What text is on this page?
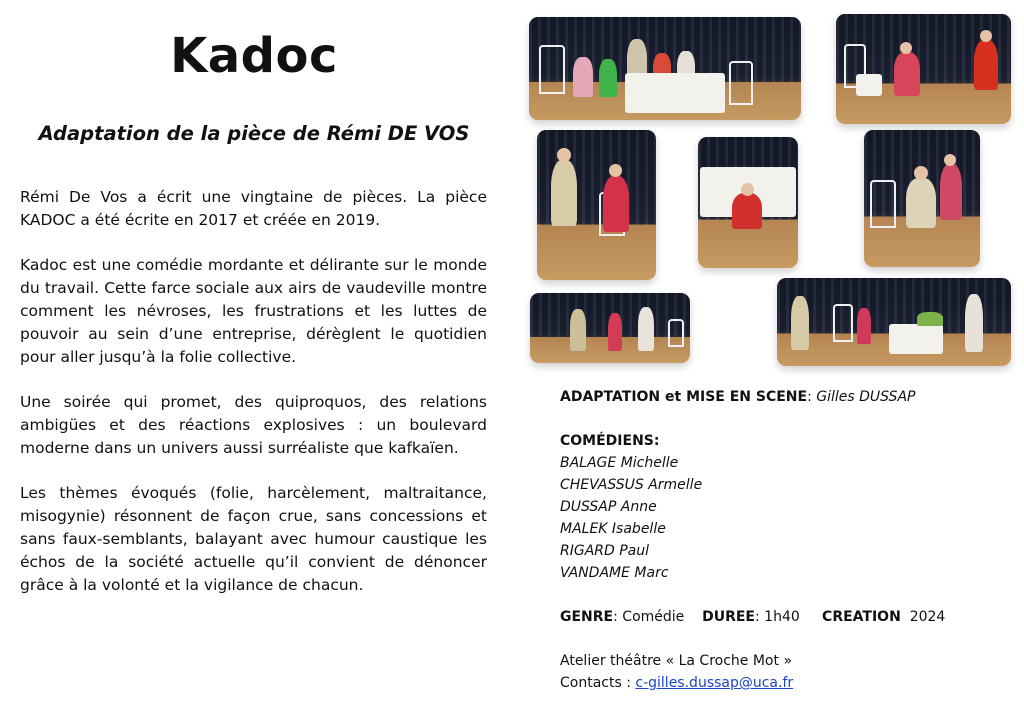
Kadoc
Adaptation de la pièce de Rémi DE VOS

Rémi De Vos a écrit une vingtaine de pièces. La pièce KADOC a été écrite en 2017 et créée en 2019.

Kadoc est une comédie mordante et délirante sur le monde du travail. Cette farce sociale aux airs de vaudeville montre comment les névroses, les frustrations et les luttes de pouvoir au sein d’une entreprise, dérèglent le quotidien pour aller jusqu’à la folie collective.

Une soirée qui promet, des quiproquos, des relations ambigües et des réactions explosives : un boulevard moderne dans un univers aussi surréaliste que kafkaïen.

Les thèmes évoqués (folie, harcèlement, maltraitance, misogynie) résonnent de façon crue, sans concessions et sans faux-semblants, balayant avec humour caustique les échos de la société actuelle qu’il convient de dénoncer grâce à la volonté et la vigilance de chacun.

ADAPTATION et MISE EN SCENE: Gilles DUSSAP
COMÉDIENS:
BALAGE Michelle
CHEVASSUS Armelle
DUSSAP Anne
MALEK Isabelle
RIGARD Paul
VANDAME Marc
GENRE: Comédie DUREE: 1h40 CREATION 2024
Atelier théâtre « La Croche Mot »
Contacts : c-gilles.dussap@uca.fr
